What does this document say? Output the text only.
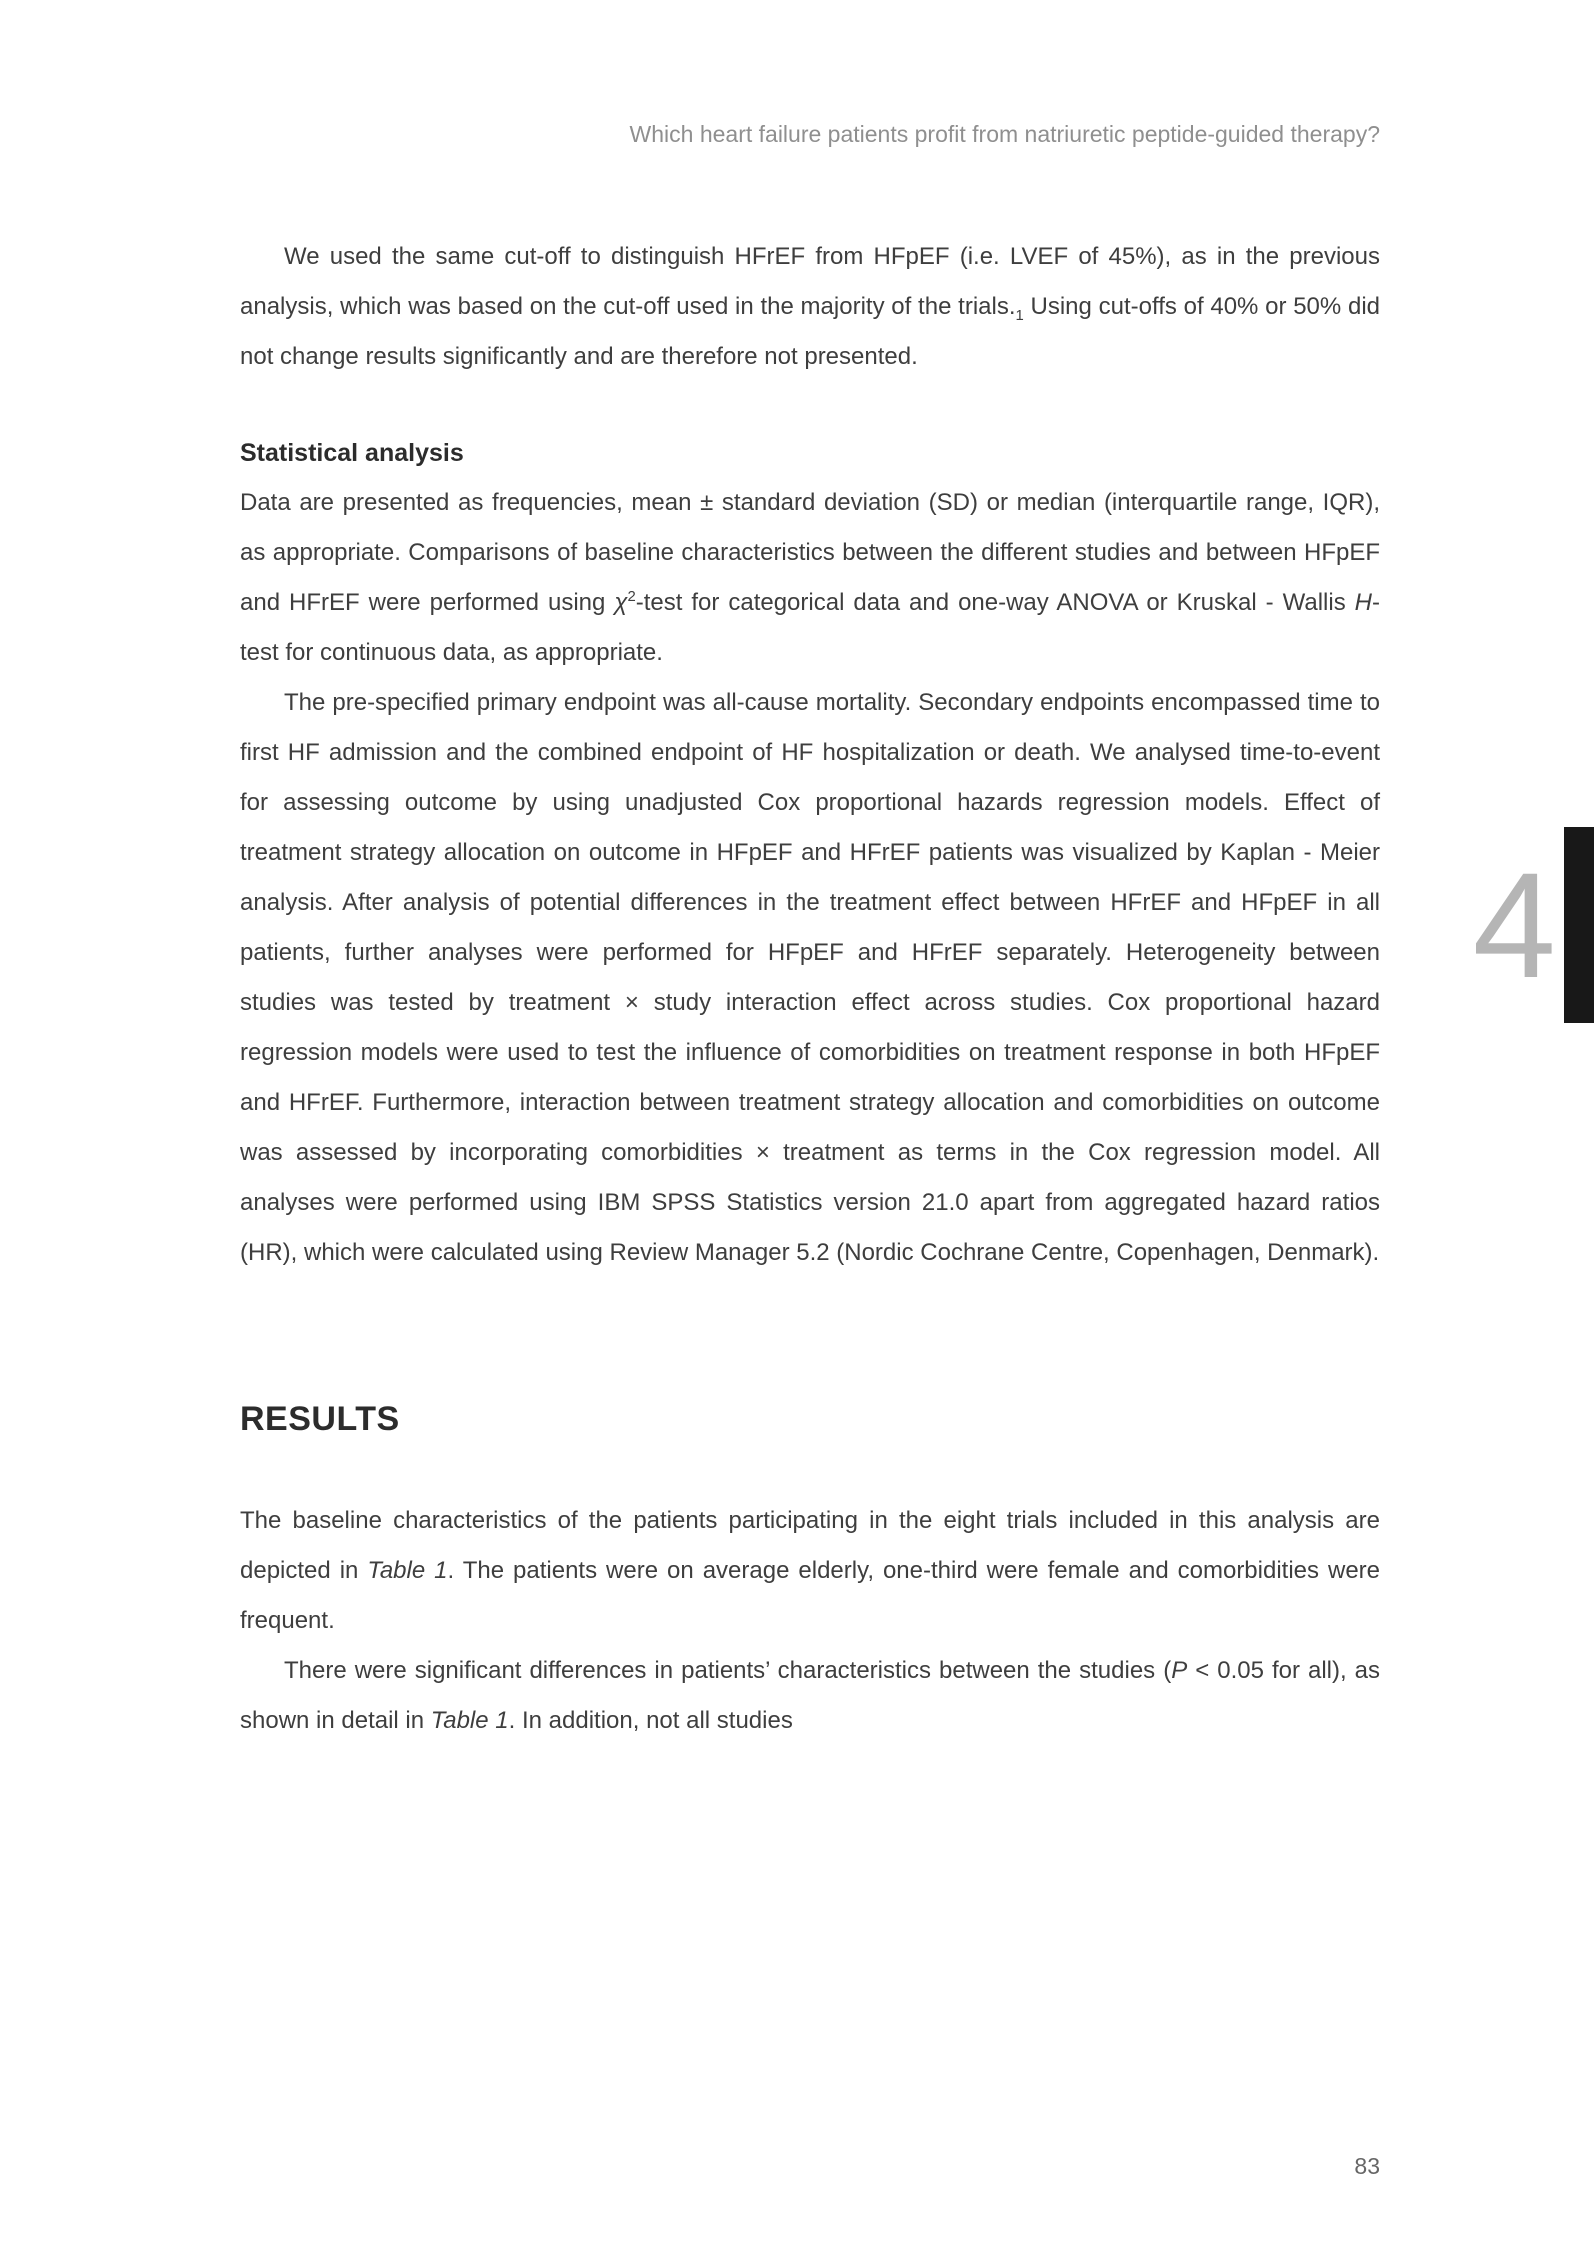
Which heart failure patients profit from natriuretic peptide-guided therapy?

We used the same cut-off to distinguish HFrEF from HFpEF (i.e. LVEF of 45%), as in the previous analysis, which was based on the cut-off used in the majority of the $trials._1$ Using cut-offs of 40% or 50% did not change results significantly and are therefore not presented.

Statistical analysis

Data are presented as frequencies, mean ± standard deviation (SD) or median (interquartile range, IQR), as appropriate. Comparisons of baseline characteristics between the different studies and between HFpEF and HFrEF were performed using $\chi^2$-test for categorical data and one-way ANOVA or Kruskal - Wallis H-test for continuous data, as appropriate.

The pre-specified primary endpoint was all-cause mortality. Secondary endpoints encompassed time to first HF admission and the combined endpoint of HF hospitalization or death. We analysed time-to-event for assessing outcome by using unadjusted Cox proportional hazards regression models. Effect of treatment strategy allocation on outcome in HFpEF and HFrEF patients was visualized by Kaplan - Meier analysis. After analysis of potential differences in the treatment effect between HFrEF and HFpEF in all patients, further analyses were performed for HFpEF and HFrEF separately. Heterogeneity between studies was tested by treatment × study interaction effect across studies. Cox proportional hazard regression models were used to test the influence of comorbidities on treatment response in both HFpEF and HFrEF. Furthermore, interaction between treatment strategy allocation and comorbidities on outcome was assessed by incorporating comorbidities × treatment as terms in the Cox regression model. All analyses were performed using IBM SPSS Statistics version 21.0 apart from aggregated hazard ratios (HR), which were calculated using Review Manager 5.2 (Nordic Cochrane Centre, Copenhagen, Denmark).

RESULTS

The baseline characteristics of the patients participating in the eight trials included in this analysis are depicted in Table 1. The patients were on average elderly, one-third were female and comorbidities were frequent.

There were significant differences in patients’ characteristics between the studies (P < 0.05 for all), as shown in detail in Table 1. In addition, not all studies

83
4
